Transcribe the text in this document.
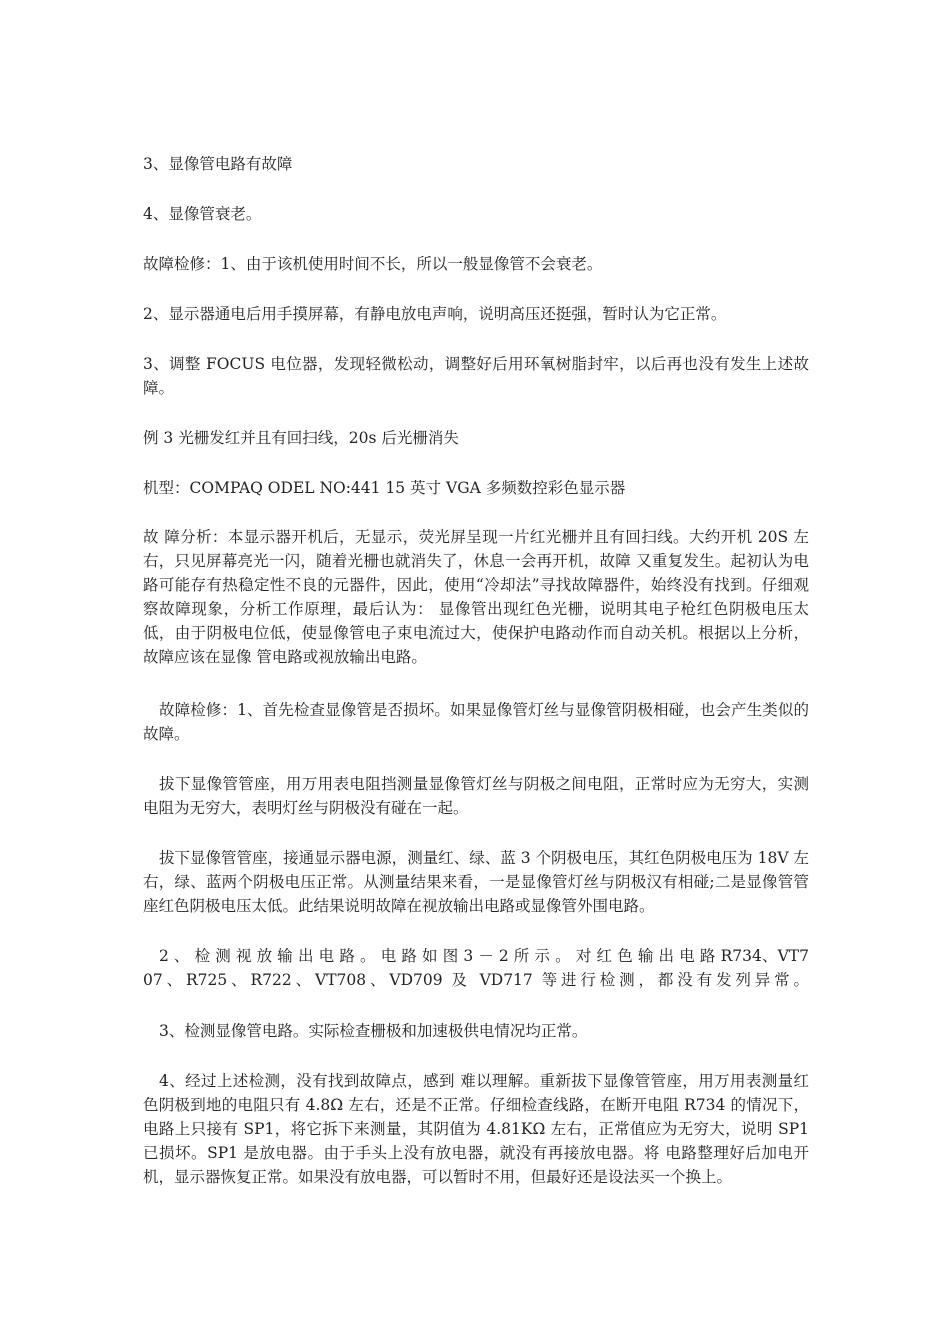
3、显像管电路有故障

4、显像管衰老。

故障检修：1、由于该机使用时间不长，所以一般显像管不会衰老。

2、显示器通电后用手摸屏幕，有静电放电声响，说明高压还挺强，暂时认为它正常。

3、调整 FOCUS 电位器，发现轻微松动，调整好后用环氧树脂封牢，以后再也没有发生上述故障。

例 3 光栅发红并且有回扫线，20s 后光栅消失

机型：COMPAQ ODEL NO:441 15 英寸 VGA 多频数控彩色显示器

故 障分析：本显示器开机后，无显示，荧光屏呈现一片红光栅并且有回扫线。大约开机 20S 左右，只见屏幕亮光一闪，随着光栅也就消失了，休息一会再开机，故障 又重复发生。起初认为电路可能存有热稳定性不良的元器件，因此，使用“冷却法”寻找故障器件，始终没有找到。仔细观察故障现象，分析工作原理，最后认为： 显像管出现红色光栅，说明其电子枪红色阴极电压太低，由于阴极电位低，使显像管电子束电流过大，使保护电路动作而自动关机。根据以上分析，故障应该在显像 管电路或视放输出电路。

故障检修：1、首先检查显像管是否损坏。如果显像管灯丝与显像管阴极相碰，也会产生类似的故障。

拔下显像管管座，用万用表电阻挡测量显像管灯丝与阴极之间电阻，正常时应为无穷大，实测电阻为无穷大，表明灯丝与阴极没有碰在一起。

拔下显像管管座，接通显示器电源，测量红、绿、蓝 3 个阴极电压，其红色阴极电压为 18V 左右，绿、蓝两个阴极电压正常。从测量结果来看，一是显像管灯丝与阴极汉有相碰;二是显像管管座红色阴极电压太低。此结果说明故障在视放输出电路或显像管外围电路。

2 、 检 测 视 放 输 出 电 路 。 电 路 如 图 3 － 2 所 示 。 对 红 色 输 出 电 路 R734、VT707、R725、R722、VT708、VD709 及 VD717 等进行检测，都没有发列异常。

3、检测显像管电路。实际检查栅极和加速极供电情况均正常。

4、经过上述检测，没有找到故障点，感到 难以理解。重新拔下显像管管座，用万用表测量红色阴极到地的电阻只有 4.8Ω 左右，还是不正常。仔细检查线路，在断开电阻 R734 的情况下，电路上只接有 SP1，将它拆下来测量，其阴值为 4.81KΩ 左右，正常值应为无穷大，说明 SP1 已损坏。SP1 是放电器。由于手头上没有放电器，就没有再接放电器。将 电路整理好后加电开机，显示器恢复正常。如果没有放电器，可以暂时不用，但最好还是设法买一个换上。
